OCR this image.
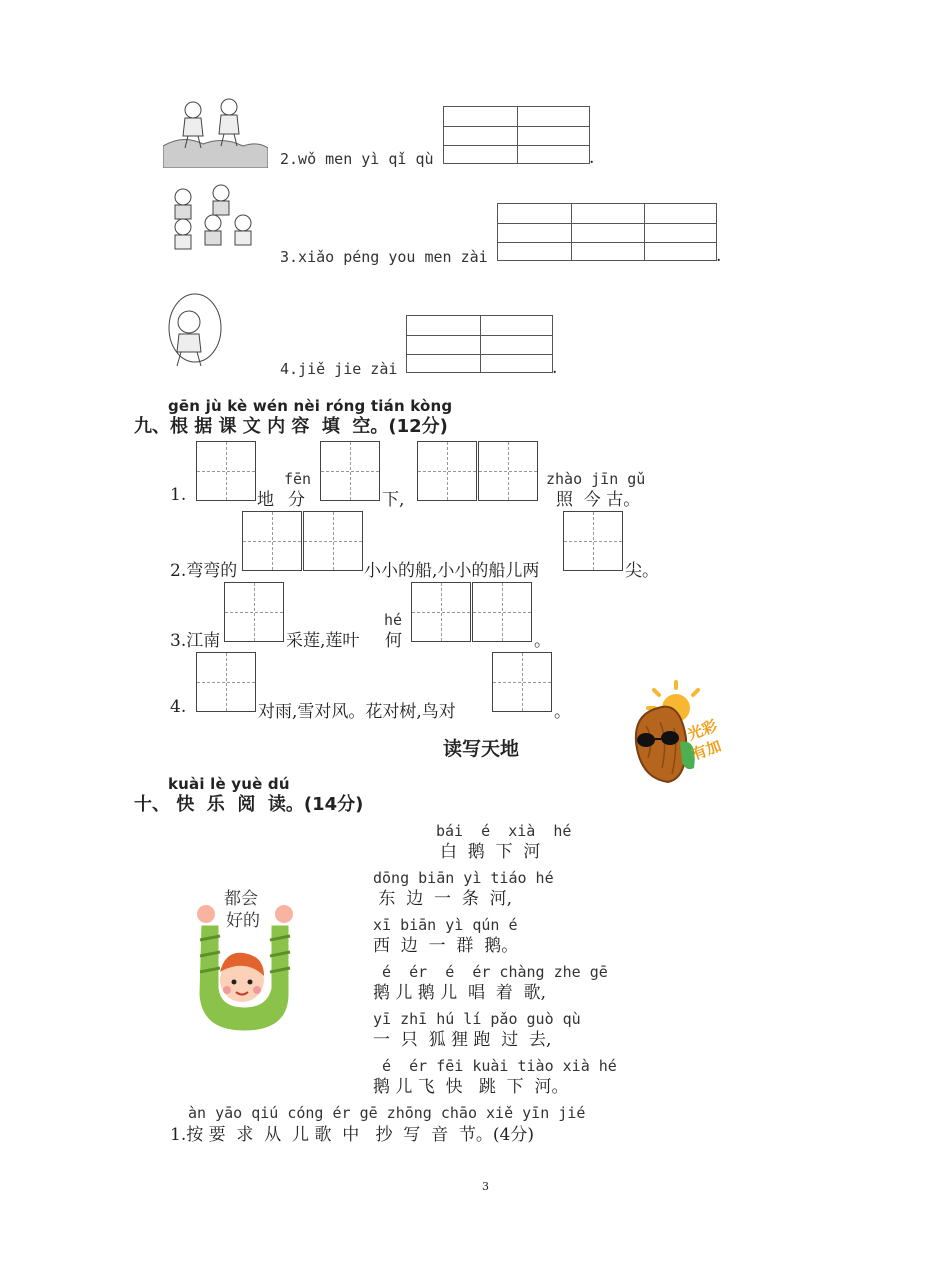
2.wǒ men yì qǐ qù	.
3.xiǎo péng you men zài	.
4.jiě jie zài	.
gēn jù kè wén nèi róng tián kòng
九、根 据 课 文 内 容  填  空。(12分)
1.	地
fēn
分	下,
zhào jīn gǔ
照  今 古。
2.弯弯的	小小的船,小小的船儿两	尖。
3.江南	采莲,莲叶
hé
何	。
4.	对雨,雪对风。花对树,鸟对	。
读写天地
光彩
有加
kuài lè yuè dú
十、 快  乐  阅  读。(14分)
bái  é  xià  hé
白  鹅  下  河
dōng biān yì tiáo hé
东  边  一  条  河,
xī biān yì qún é
西  边  一  群  鹅。
é  ér  é  ér chàng zhe gē
鹅 儿 鹅 儿  唱  着  歌,
yī zhī hú lí pǎo guò qù
一  只  狐 狸 跑  过  去,
é  ér fēi kuài tiào xià hé
鹅 儿 飞  快   跳  下  河。
都会
好的
àn yāo qiú cóng ér gē zhōng chāo xiě yīn jié
1.按 要  求  从  儿 歌  中   抄  写  音  节。(4分)
3
